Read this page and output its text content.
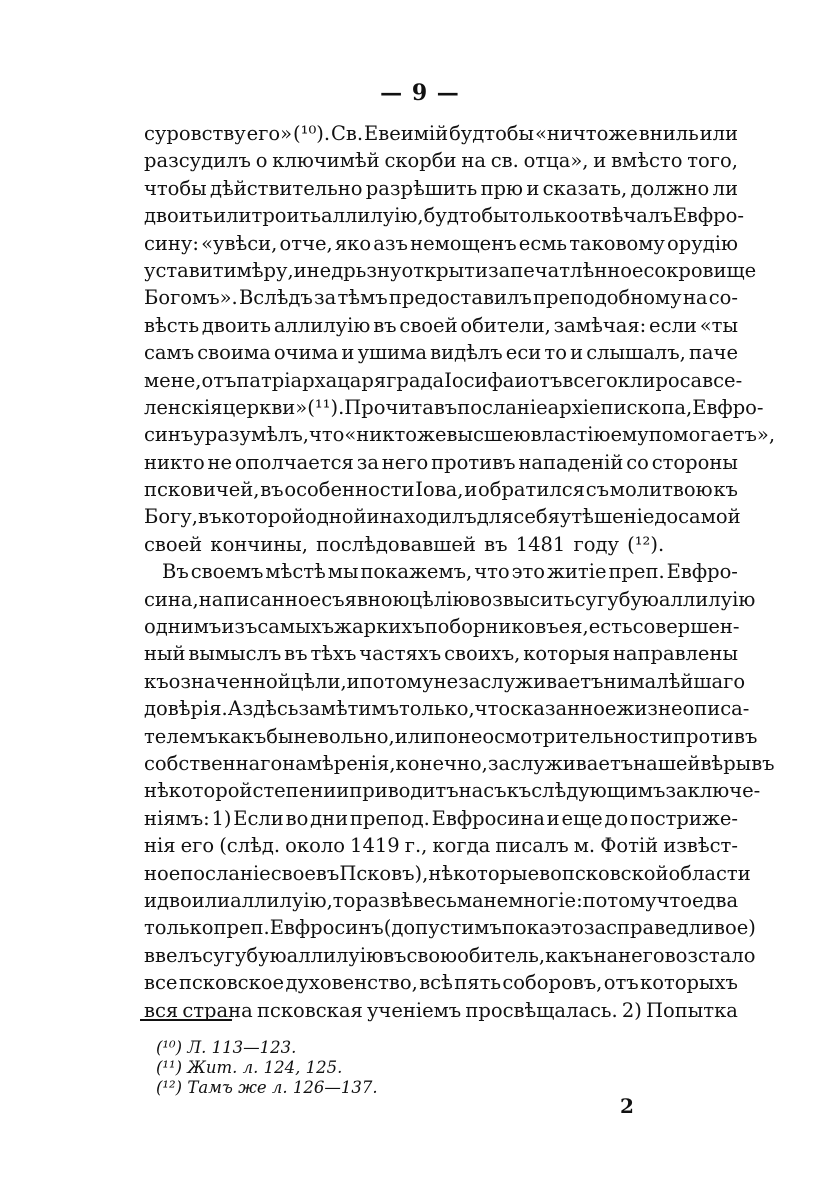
— 9 —
суровству его» (¹⁰). Св. Евеимій будтобы «ничтоже вниль или
разсудилъ о ключимѣй скорби на св. отца», и вмѣсто того,
чтобы дѣйствительно разрѣшить прю и сказать, должно ли
двоить или троить аллилуію, будто бы только отвѣчалъ Евфро-
сину: «увѣси, отче, яко азъ немощенъ есмь таковому орудію
уставити мѣру, и не дрьзну открыти запечатлѣнное сокровище
Богомъ». Вслѣдъ за тѣмъ предоставилъ преподобному на со-
вѣсть двоить аллилуію въ своей обители, замѣчая: если «ты
самъ своима очима и ушима видѣлъ еси то и слышалъ, паче
мене, отъ патріарха царяграда Іосифа и отъ всего клироса все-
ленскія церкви» (¹¹). Прочитавъ посланіе архіепископа, Евфро-
синъ уразумѣлъ, что «никтоже высшею властію ему помогаетъ»,
никто не ополчается за него противъ нападеній со стороны
псковичей, въ особенности Іова, и обратился съ молитвою къ
Богу, въ которой одной и находилъ для себя утѣшеніе до самой
своей кончины, послѣдовавшей въ 1481 году (¹²).
Въ своемъ мѣстѣ мы покажемъ, что это житіе преп. Евфро-
сина, написанное съ явною цѣлію возвысить сугубую аллилуію
однимъ изъ самыхъ жаркихъ поборниковъ ея, есть совершен-
ный вымыслъ въ тѣхъ частяхъ своихъ, которыя направлены
къ означенной цѣли, и потому не заслуживаетъ ни малѣйшаго
довѣрія. А здѣсь замѣтимъ только, что сказанное жизнеописа-
телемъ какъбы невольно, или по неосмотрительности противъ
собственнаго намѣренія, конечно, заслуживаетъ нашей вѣры въ
нѣкоторой степени и приводитъ насъ къ слѣдующимъ заключе-
ніямъ: 1) Если во дни препод. Евфросина и еще до постриже-
нія его (слѣд. около 1419 г., когда писалъ м. Фотій извѣст-
ное посланіе свое въ Псковъ), нѣкоторые во псковской области
и двоили аллилуію, то развѣ весьма не многіе: потому что едва
только преп. Евфросинъ (допустимъ пока это за справедливое)
ввелъ сугубую аллилуію въ свою обитель, какъ на него возстало
все псковское духовенство, всѣ пять соборовъ, отъ которыхъ
вся страна псковская ученіемъ просвѣщалась. 2) Попытка
(¹⁰) Л. 113—123.
(¹¹) Жит. л. 124, 125.
(¹²) Тамъ же л. 126—137.
2
